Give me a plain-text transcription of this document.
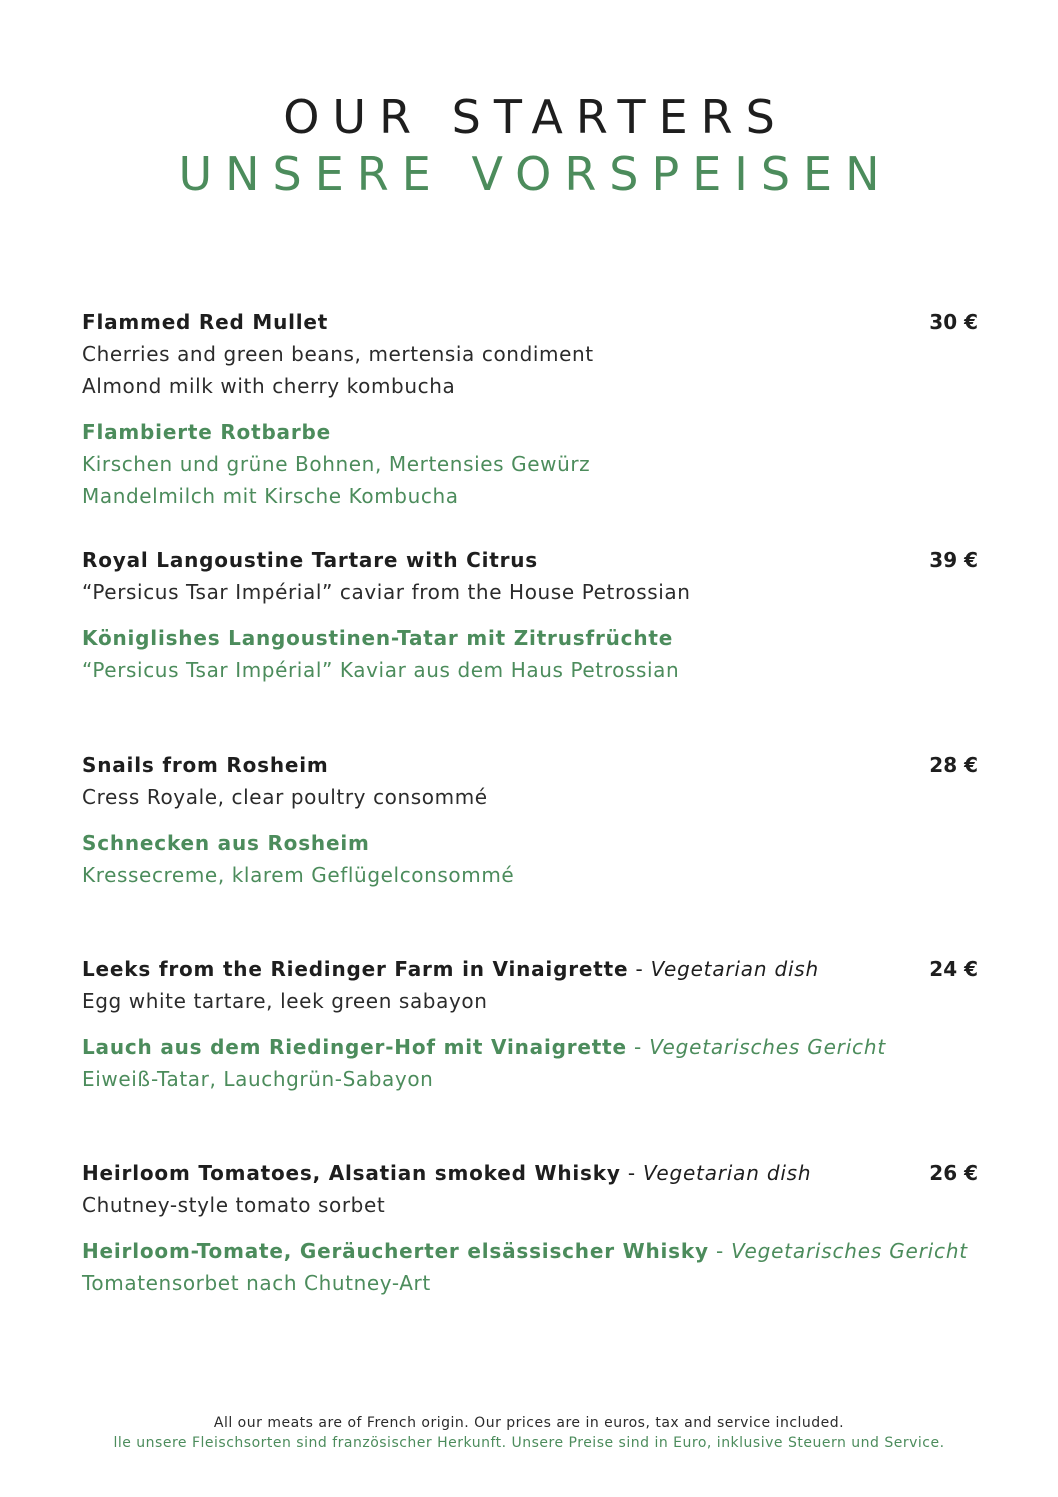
OUR STARTERS
UNSERE VORSPEISEN
Flammed Red Mullet	30 €
Cherries and green beans, mertensia condiment
Almond milk with cherry kombucha
Flambierte Rotbarbe
Kirschen und grüne Bohnen, Mertensies Gewürz
Mandelmilch mit Kirsche Kombucha
Royal Langoustine Tartare with Citrus	39 €
“Persicus Tsar Impérial” caviar from the House Petrossian
Königlishes Langoustinen-Tatar mit Zitrusfrüchte
“Persicus Tsar Impérial” Kaviar aus dem Haus Petrossian
Snails from Rosheim	28 €
Cress Royale, clear poultry consommé
Schnecken aus Rosheim
Kressecreme, klarem Geflügelconsommé
Leeks from the Riedinger Farm in Vinaigrette - Vegetarian dish	24 €
Egg white tartare, leek green sabayon
Lauch aus dem Riedinger-Hof mit Vinaigrette - Vegetarisches Gericht
Eiweiß-Tatar, Lauchgrün-Sabayon
Heirloom Tomatoes, Alsatian smoked Whisky - Vegetarian dish	26 €
Chutney-style tomato sorbet
Heirloom-Tomate, Geräucherter elsässischer Whisky - Vegetarisches Gericht
Tomatensorbet nach Chutney-Art
All our meats are of French origin. Our prices are in euros, tax and service included.
lle unsere Fleischsorten sind französischer Herkunft. Unsere Preise sind in Euro, inklusive Steuern und Service.
